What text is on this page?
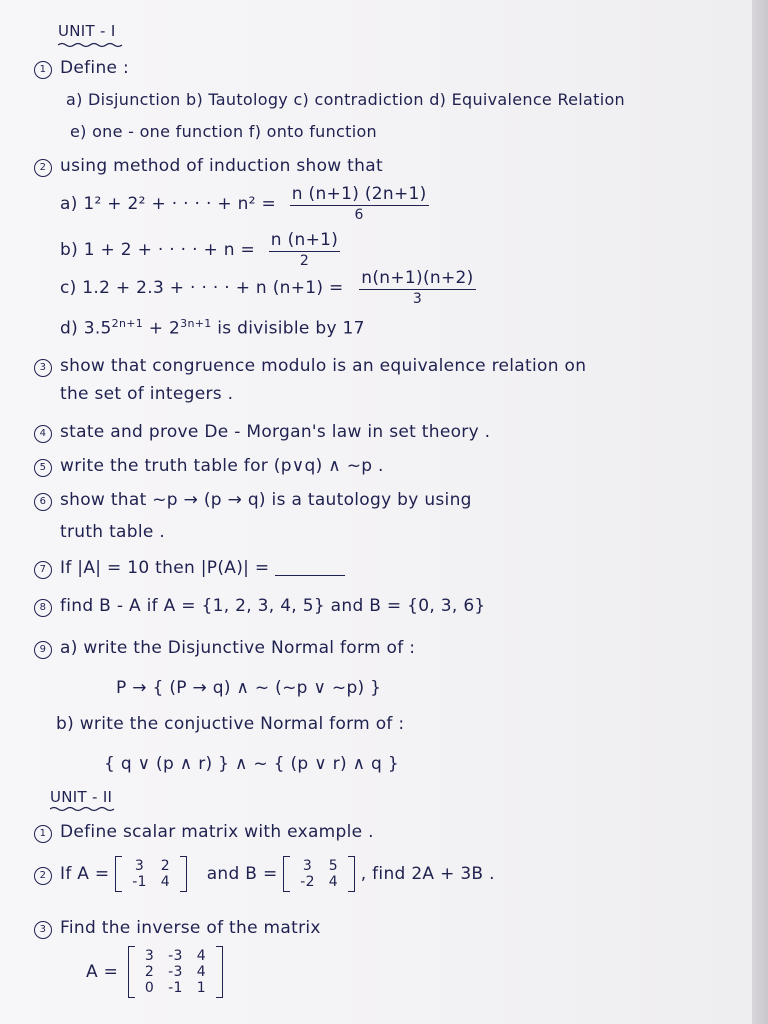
UNIT - I
1 Define :
a) Disjunction b) Tautology c) contradiction d) Equivalence Relation
e) one - one function f) onto function
2 using method of induction show that
a) 1² + 2² + · · · · + $n^2 = \frac{n (n+1) (2n+1)}{6}$
b) 1 + 2 + · · · · + $n = \frac{n (n+1)}{2}$
c) 1.2 + 2.3 + · · · · + n $(n+1) = \frac{n(n+1)(n+2)}{3}$
d) $3.5^{2n+1} + 2^{3n+1}$ is divisible by 17
3 show that congruence modulo is an equivalence relation on
the set of integers .
4 state and prove De - Morgan's law in set theory .
5 write the truth table for (p∨q) ∧ ~p .
6 show that ~p → (p → q) is a tautology by using
truth table .
7 If |A| = 10 then |P(A)| =
8 find B - A if A = {1, 2, 3, 4, 5} and B = {0, 3, 6}
9 a) write the Disjunctive Normal form of :
P → { (P → q) ∧ ~ (~p ∨ ~p) }
b) write the conjuctive Normal form of :
{ q ∨ (p ∧ r) } ∧ ~ { (p ∨ r) ∧ q }
UNIT - II
1 Define scalar matrix with example .
2 If A = 3	2
-1	4 and B = 3	5
-2	4 , find 2A + 3B .
3 Find the inverse of the matrix
A =
3	-3	4
2	-3	4
0	-1	1
